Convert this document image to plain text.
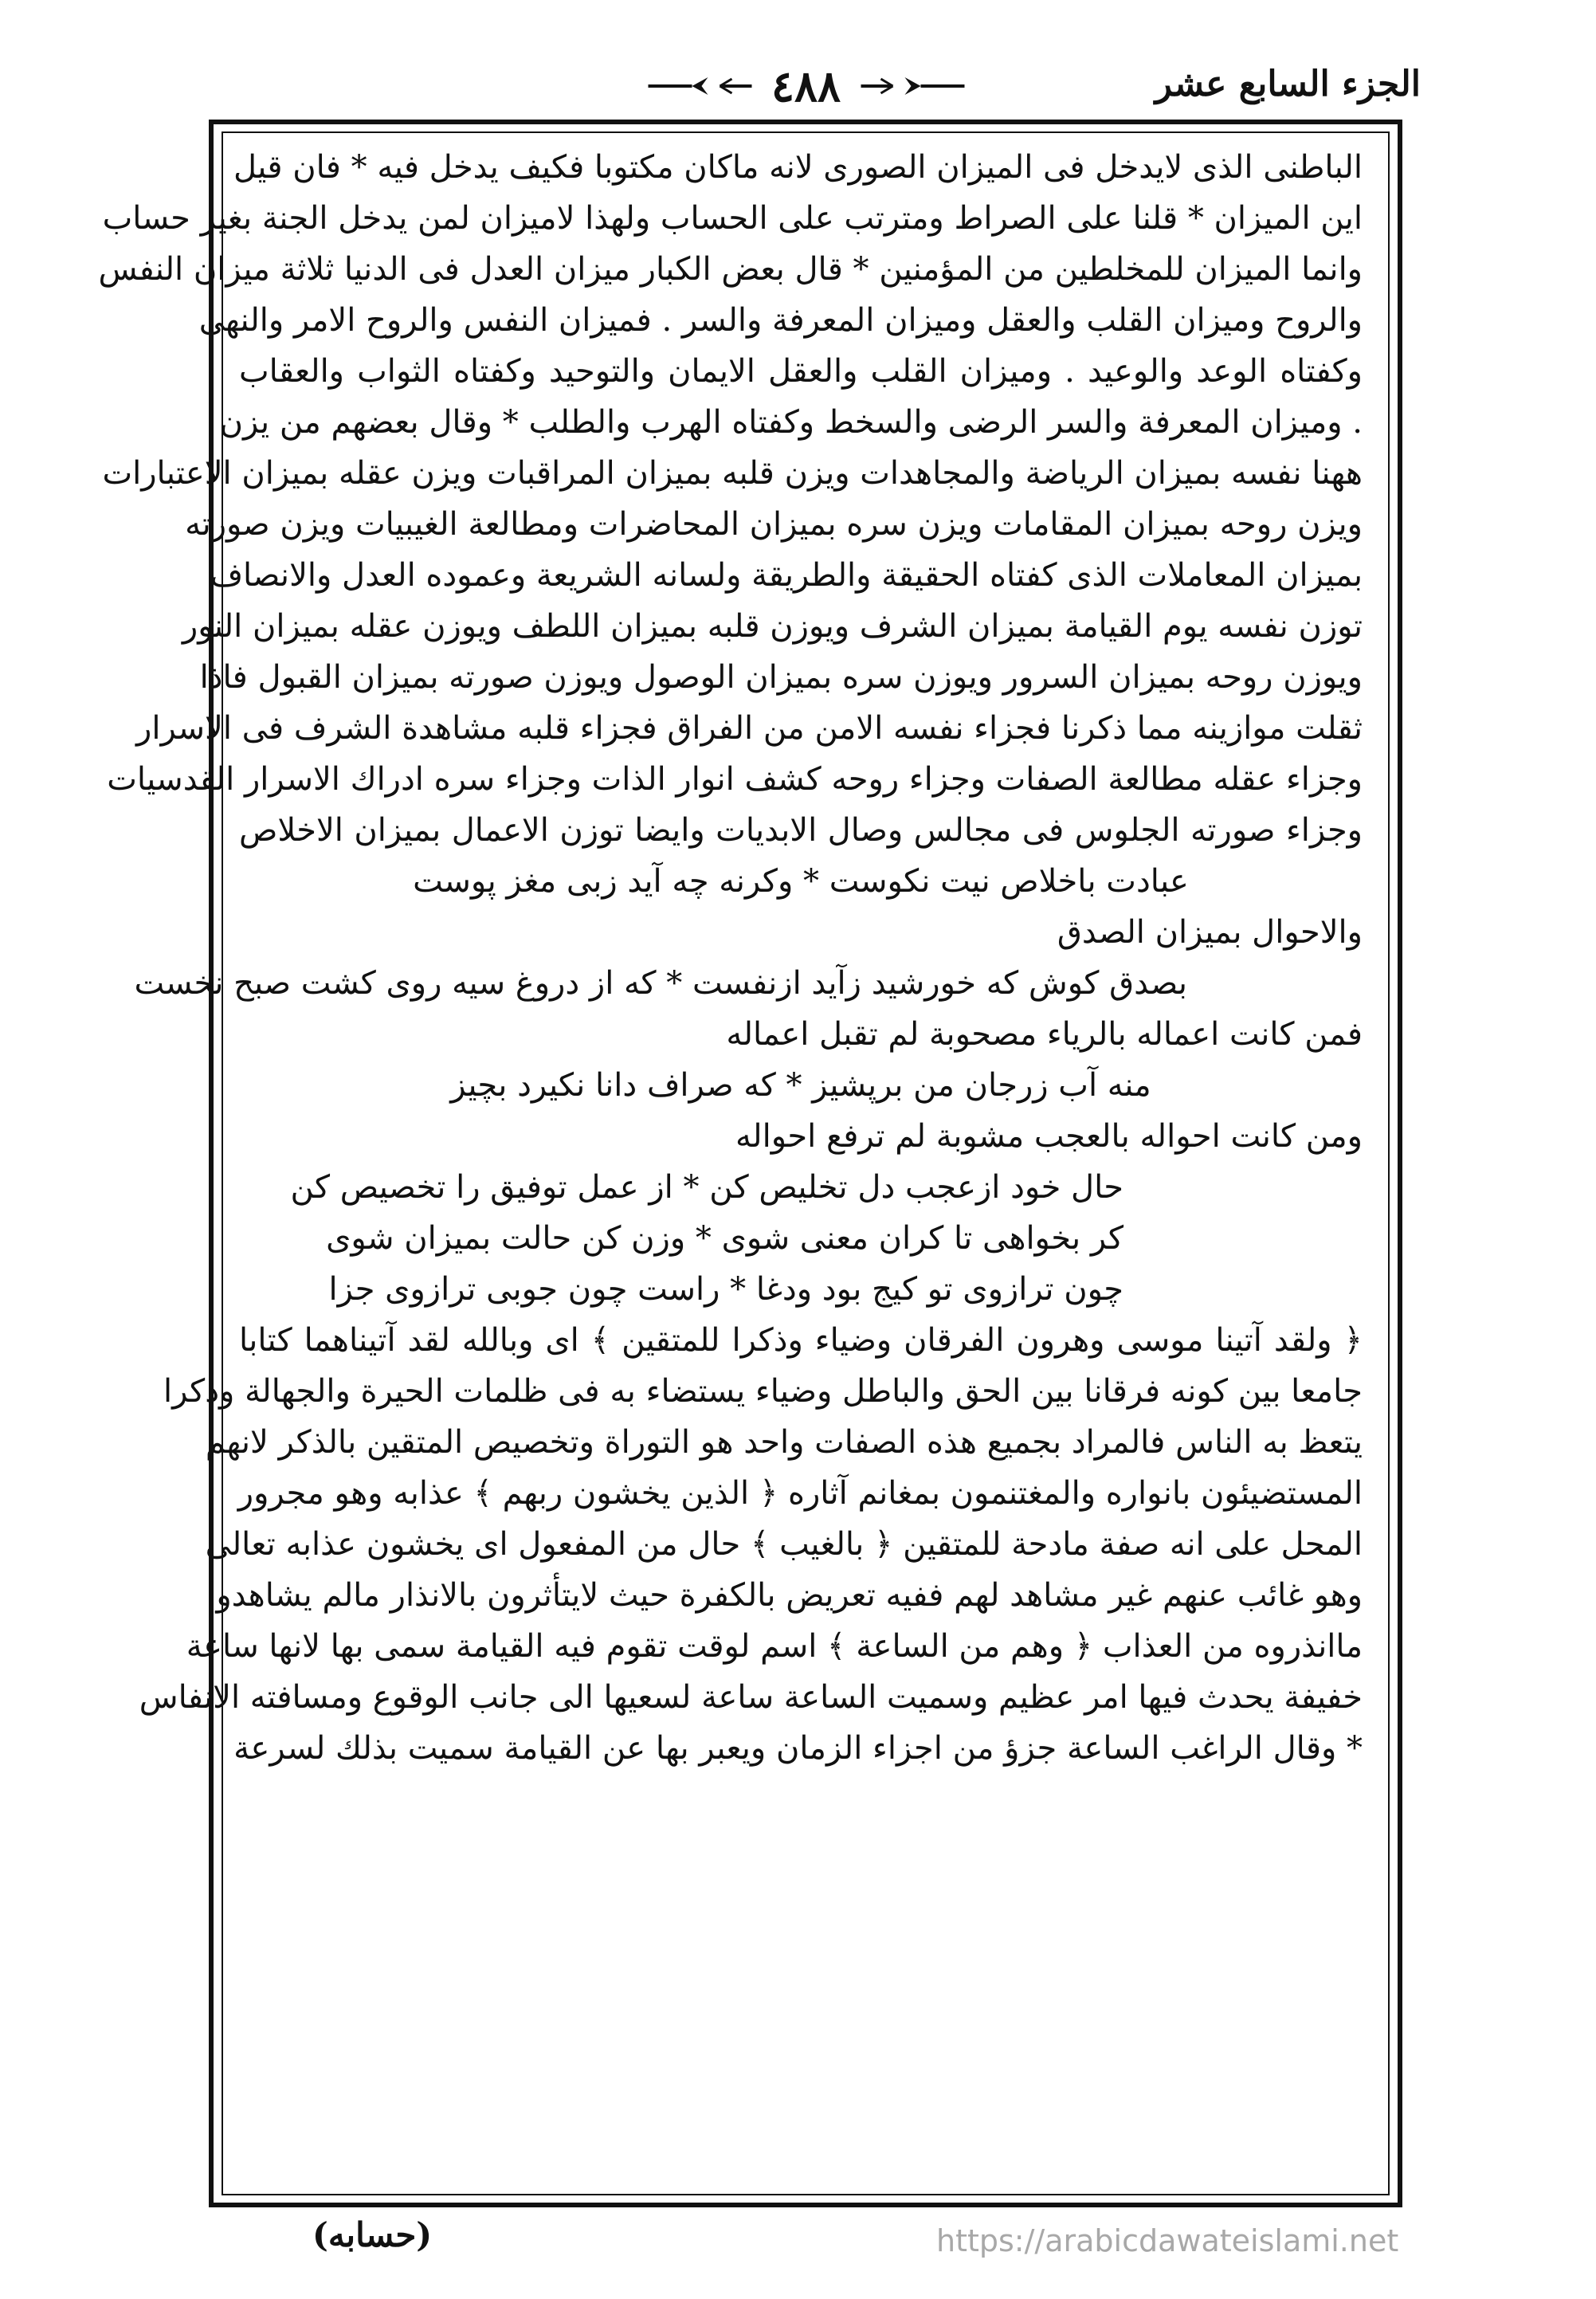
الجزء السابع عشر
٤٨٨
الباطنى الذى لايدخل فى الميزان الصورى لانه ماكان مكتوبا فكيف يدخل فيه * فان قيل
اين الميزان * قلنا على الصراط ومترتب على الحساب ولهذا لاميزان لمن يدخل الجنة بغير حساب
وانما الميزان للمخلطين من المؤمنين * قال بعض الكبار ميزان العدل فى الدنيا ثلاثة ميزان النفس
والروح وميزان القلب والعقل وميزان المعرفة والسر . فميزان النفس والروح الامر والنهى
وكفتاه الوعد والوعيد . وميزان القلب والعقل الايمان والتوحيد وكفتاه الثواب والعقاب
. وميزان المعرفة والسر الرضى والسخط وكفتاه الهرب والطلب * وقال بعضهم من يزن
ههنا نفسه بميزان الرياضة والمجاهدات ويزن قلبه بميزان المراقبات ويزن عقله بميزان الاعتبارات
ويزن روحه بميزان المقامات ويزن سره بميزان المحاضرات ومطالعة الغيبيات ويزن صورته
بميزان المعاملات الذى كفتاه الحقيقة والطريقة ولسانه الشريعة وعموده العدل والانصاف
توزن نفسه يوم القيامة بميزان الشرف ويوزن قلبه بميزان اللطف ويوزن عقله بميزان النور
ويوزن روحه بميزان السرور ويوزن سره بميزان الوصول ويوزن صورته بميزان القبول فاذا
ثقلت موازينه مما ذكرنا فجزاء نفسه الامن من الفراق فجزاء قلبه مشاهدة الشرف فى الاسرار
وجزاء عقله مطالعة الصفات وجزاء روحه كشف انوار الذات وجزاء سره ادراك الاسرار القدسيات
وجزاء صورته الجلوس فى مجالس وصال الابديات وايضا توزن الاعمال بميزان الاخلاص
عبادت باخلاص نيت نكوست * وكرنه چه آيد زبى مغز پوست
والاحوال بميزان الصدق
بصدق كوش كه خورشيد زآيد ازنفست * كه از دروغ سيه روى كشت صبح نخست
فمن كانت اعماله بالرياء مصحوبة لم تقبل اعماله
منه آب زرجان من برپشيز * كه صراف دانا نكيرد بچيز
ومن كانت احواله بالعجب مشوبة لم ترفع احواله
حال خود ازعجب دل تخليص كن * از عمل توفيق را تخصيص كن
كر بخواهى تا كران معنى شوى * وزن كن حالت بميزان شوى
چون ترازوى تو كيج بود ودغا * راست چون جوبى ترازوى جزا
﴿ ولقد آتينا موسى وهرون الفرقان وضياء وذكرا للمتقين ﴾ اى وبالله لقد آتيناهما كتابا
جامعا بين كونه فرقانا بين الحق والباطل وضياء يستضاء به فى ظلمات الحيرة والجهالة وذكرا
يتعظ به الناس فالمراد بجميع هذه الصفات واحد هو التوراة وتخصيص المتقين بالذكر لانهم
المستضيئون بانواره والمغتنمون بمغانم آثاره ﴿ الذين يخشون ربهم ﴾ عذابه وهو مجرور
المحل على انه صفة مادحة للمتقين ﴿ بالغيب ﴾ حال من المفعول اى يخشون عذابه تعالى
وهو غائب عنهم غير مشاهد لهم ففيه تعريض بالكفرة حيث لايتأثرون بالانذار مالم يشاهدوا
ماانذروه من العذاب ﴿ وهم من الساعة ﴾ اسم لوقت تقوم فيه القيامة سمى بها لانها ساعة
خفيفة يحدث فيها امر عظيم وسميت الساعة ساعة لسعيها الى جانب الوقوع ومسافته الانفاس
* وقال الراغب الساعة جزؤ من اجزاء الزمان ويعبر بها عن القيامة سميت بذلك لسرعة
(حسابه)	https://arabicdawateislami.net
